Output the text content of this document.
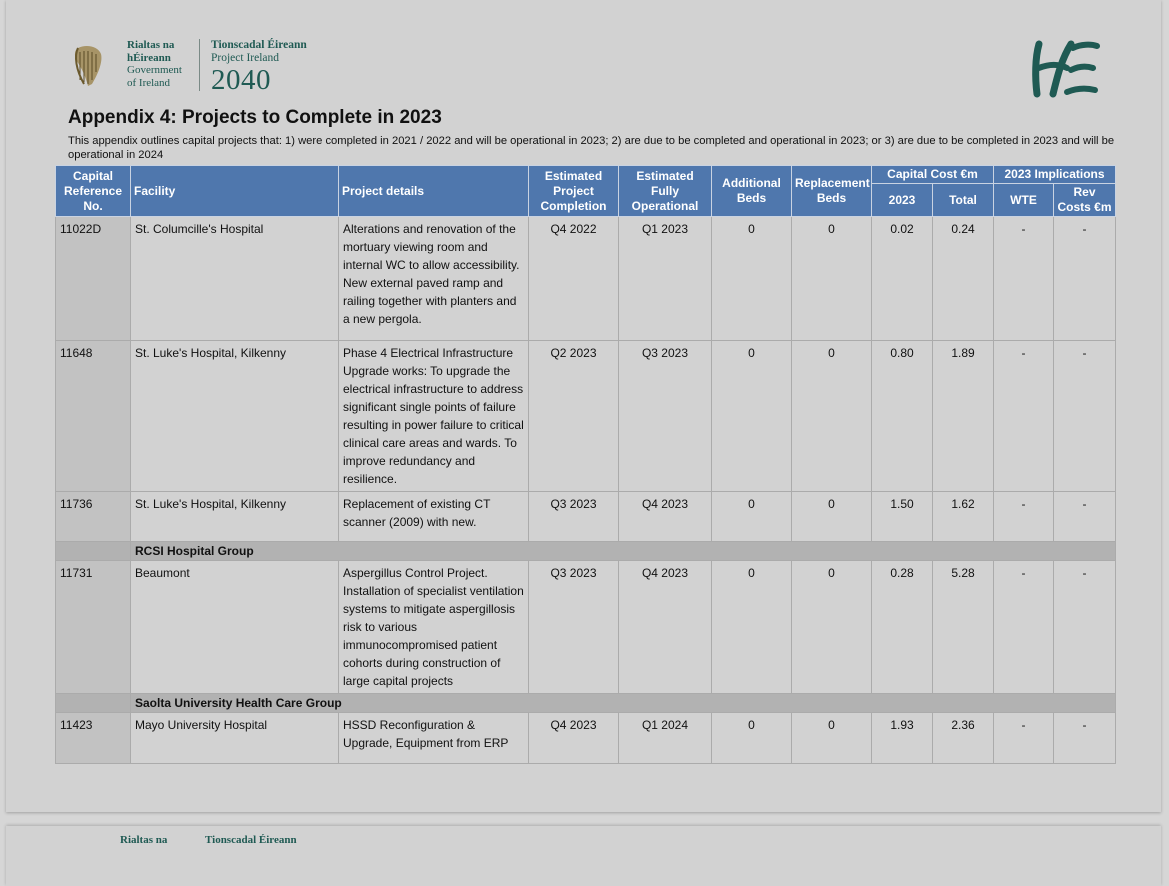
Rialtas na
hÉireann
Government
of Ireland
Tionscadal Éireann
Project Ireland
2040
Appendix 4: Projects to Complete in 2023
This appendix outlines capital projects that: 1) were completed in 2021 / 2022 and will be operational in 2023; 2) are due to be completed and operational in 2023; or 3) are due to be completed in 2023 and will be operational in 2024
Capital Reference No.	Facility	Project details	Estimated Project Completion	Estimated Fully Operational	Additional Beds	Replacement Beds	Capital Cost €m		2023 Implications	
							2023	Total	WTE	Rev Costs €m
11022D	St. Columcille's Hospital	Alterations and renovation of the mortuary viewing room and internal WC to allow accessibility. New external paved ramp and railing together with planters and a new pergola.	Q4 2022	Q1 2023	0	0	0.02	0.24	-	-
11648	St. Luke's Hospital, Kilkenny	Phase 4 Electrical Infrastructure Upgrade works: To upgrade the electrical infrastructure to address significant single points of failure resulting in power failure to critical clinical care areas and wards. To improve redundancy and resilience.	Q2 2023	Q3 2023	0	0	0.80	1.89	-	-
11736	St. Luke's Hospital, Kilkenny	Replacement of existing CT scanner (2009) with new.	Q3 2023	Q4 2023	0	0	1.50	1.62	-	-
	RCSI Hospital Group									
11731	Beaumont	Aspergillus Control Project. Installation of specialist ventilation systems to mitigate aspergillosis risk to various immunocompromised patient cohorts during construction of large capital projects	Q3 2023	Q4 2023	0	0	0.28	5.28	-	-
	Saolta University Health Care Group									
11423	Mayo University Hospital	HSSD Reconfiguration & Upgrade, Equipment from ERP	Q4 2023	Q1 2024	0	0	1.93	2.36	-	-
Rialtas na	Tionscadal Éireann
